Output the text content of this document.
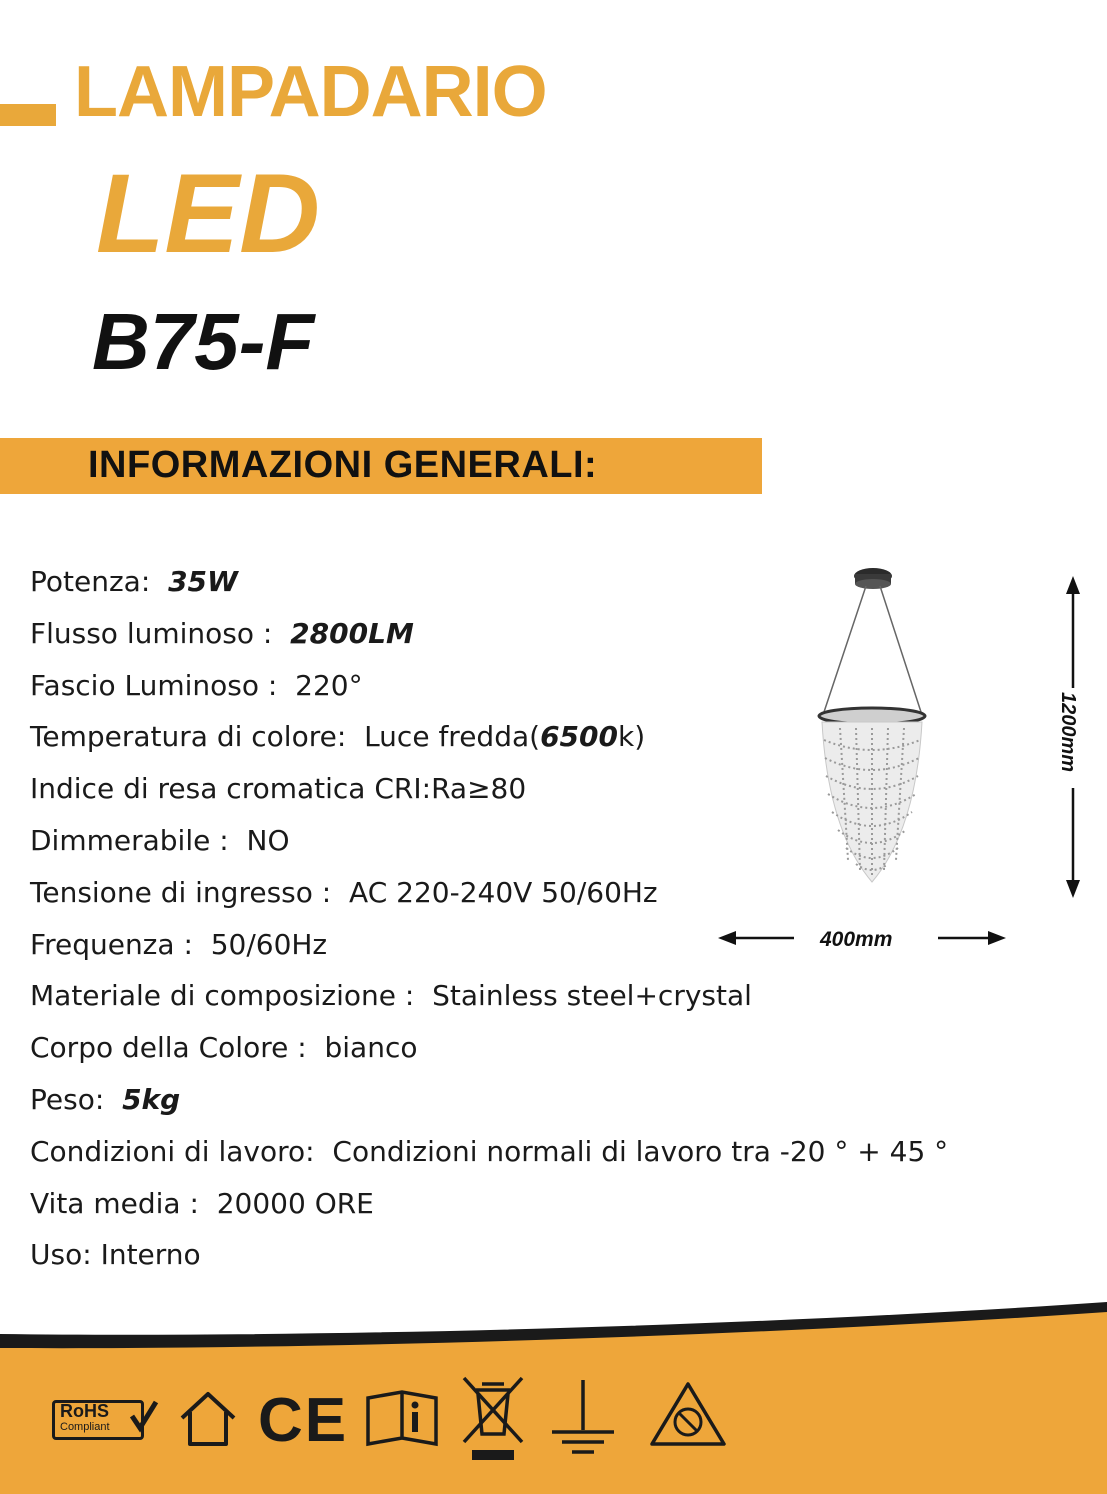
LAMPADARIO
LED
B75-F
INFORMAZIONI GENERALI:
Potenza: 35W
Flusso luminoso : 2800LM
Fascio Luminoso : 220°
Temperatura di colore: Luce fredda(6500k)
Indice di resa cromatica CRI:Ra≥80
Dimmerabile : NO
Tensione di ingresso : AC 220-240V 50/60Hz
Frequenza : 50/60Hz
Materiale di composizione : Stainless steel+crystal
Corpo della Colore : bianco
Peso: 5kg
Condizioni di lavoro: Condizioni normali di lavoro tra -20 ° + 45 °
Vita media : 20000 ORE
Uso: Interno
1200mm
400mm
RoHS
Compliant CE
